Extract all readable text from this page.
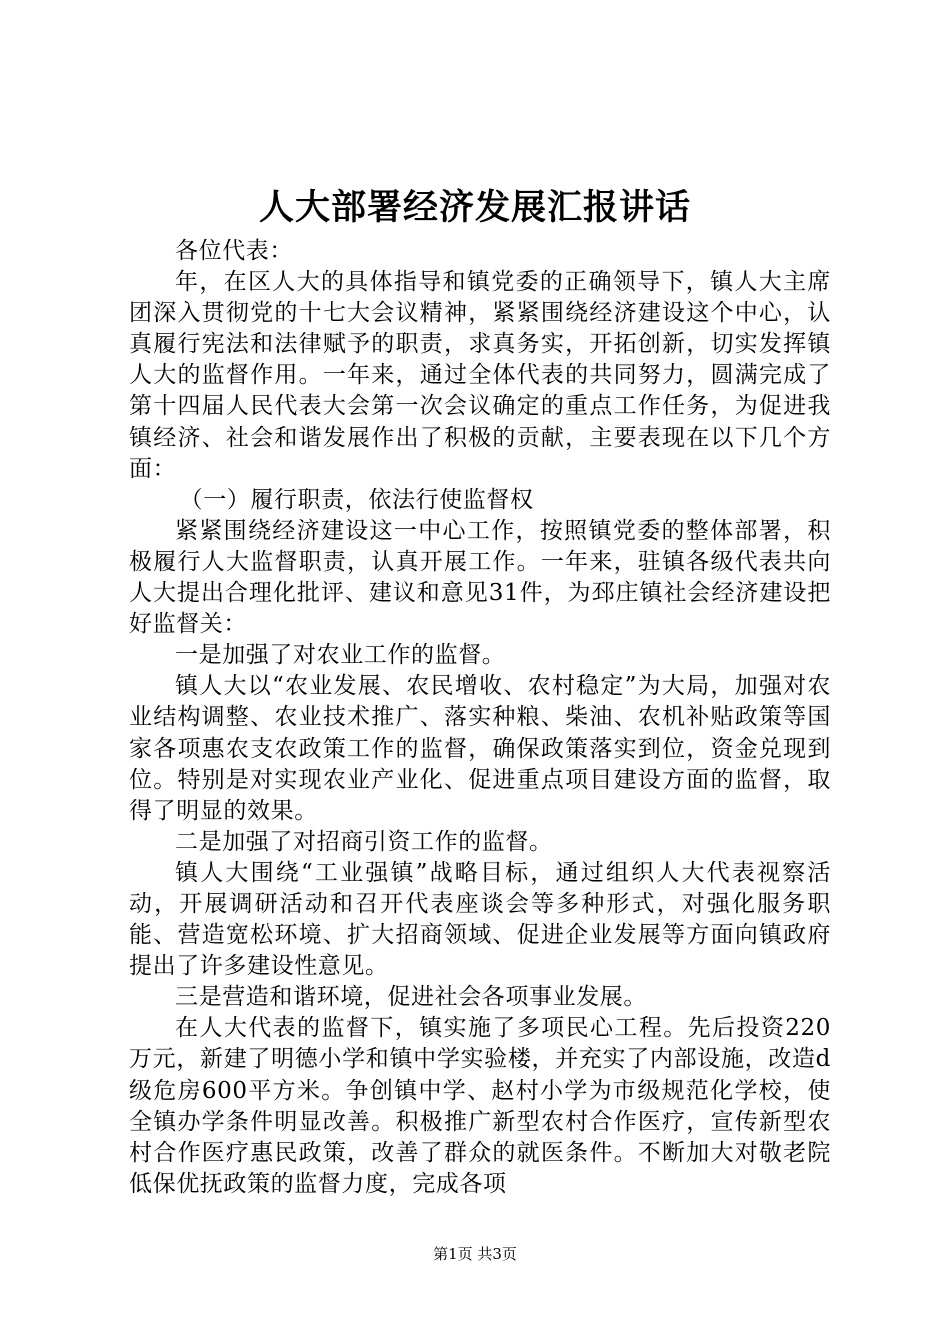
人大部署经济发展汇报讲话

各位代表：

年，在区人大的具体指导和镇党委的正确领导下，镇人大主席团深入贯彻党的十七大会议精神，紧紧围绕经济建设这个中心，认真履行宪法和法律赋予的职责，求真务实，开拓创新，切实发挥镇人大的监督作用。一年来，通过全体代表的共同努力，圆满完成了第十四届人民代表大会第一次会议确定的重点工作任务，为促进我镇经济、社会和谐发展作出了积极的贡献，主要表现在以下几个方面：

（一）履行职责，依法行使监督权

紧紧围绕经济建设这一中心工作，按照镇党委的整体部署，积极履行人大监督职责，认真开展工作。一年来，驻镇各级代表共向人大提出合理化批评、建议和意见31件，为邳庄镇社会经济建设把好监督关：

一是加强了对农业工作的监督。

镇人大以“农业发展、农民增收、农村稳定”为大局，加强对农业结构调整、农业技术推广、落实种粮、柴油、农机补贴政策等国家各项惠农支农政策工作的监督，确保政策落实到位，资金兑现到位。特别是对实现农业产业化、促进重点项目建设方面的监督，取得了明显的效果。

二是加强了对招商引资工作的监督。

镇人大围绕“工业强镇”战略目标，通过组织人大代表视察活动，开展调研活动和召开代表座谈会等多种形式，对强化服务职能、营造宽松环境、扩大招商领域、促进企业发展等方面向镇政府提出了许多建设性意见。

三是营造和谐环境，促进社会各项事业发展。

在人大代表的监督下，镇实施了多项民心工程。先后投资220万元，新建了明德小学和镇中学实验楼，并充实了内部设施，改造d级危房600平方米。争创镇中学、赵村小学为市级规范化学校，使全镇办学条件明显改善。积极推广新型农村合作医疗，宣传新型农村合作医疗惠民政策，改善了群众的就医条件。不断加大对敬老院低保优抚政策的监督力度，完成各项

第1页 共3页
